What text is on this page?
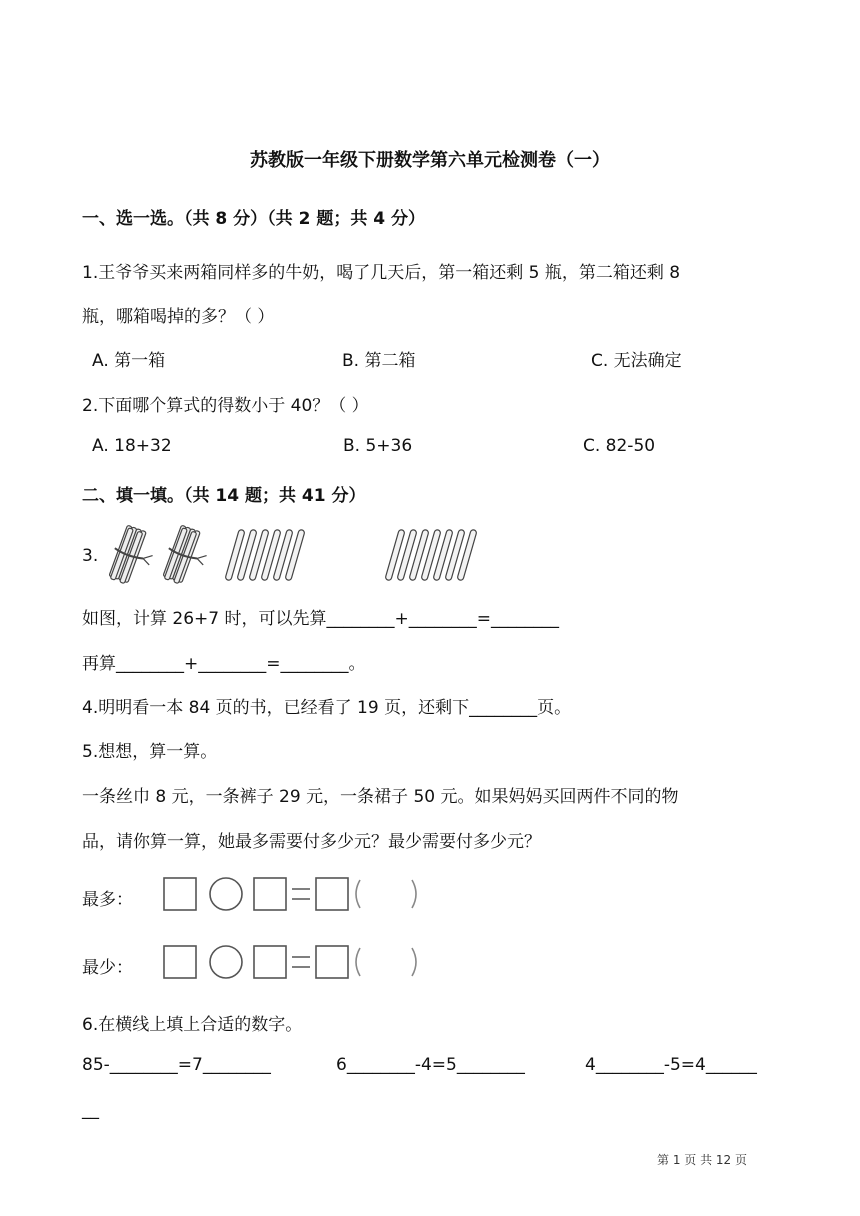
苏教版一年级下册数学第六单元检测卷（一）
一、选一选。（共 8 分）（共 2 题；共 4 分）
1.王爷爷买来两箱同样多的牛奶，喝了几天后，第一箱还剩 5 瓶，第二箱还剩 8
瓶，哪箱喝掉的多？（ ）
A. 第一箱	B. 第二箱	C. 无法确定
2.下面哪个算式的得数小于 40？（ ）
A. 18+32	B. 5+36	C. 82-50
二、填一填。（共 14 题；共 41 分）
3.
如图，计算 26+7 时，可以先算________+________=________
再算________+________=________。
4.明明看一本 84 页的书，已经看了 19 页，还剩下________页。
5.想想，算一算。
一条丝巾 8 元，一条裤子 29 元，一条裙子 50 元。如果妈妈买回两件不同的物
品，请你算一算，她最多需要付多少元？最少需要付多少元？
最多：
最少：
6.在横线上填上合适的数字。
85-________=7________	6________-4=5________	4________-5=4______
__
第 1 页 共 12 页
